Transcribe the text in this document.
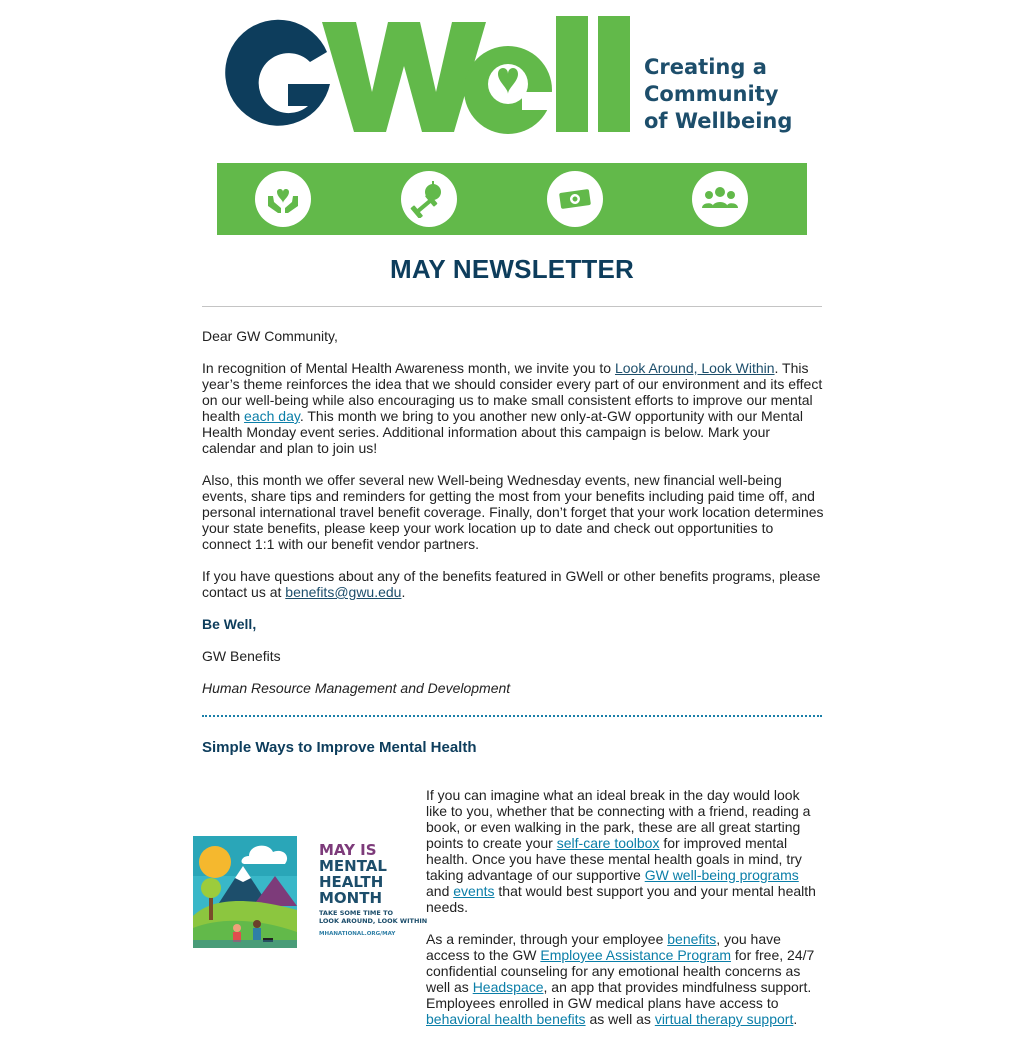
Creating a
Community
of Wellbeing
MAY NEWSLETTER

Dear GW Community,

In recognition of Mental Health Awareness month, we invite you to Look Around, Look Within. This year’s theme reinforces the idea that we should consider every part of our environment and its effect on our well-being while also encouraging us to make small consistent efforts to improve our mental health each day. This month we bring to you another new only-at-GW opportunity with our Mental Health Monday event series. Additional information about this campaign is below. Mark your calendar and plan to join us!

Also, this month we offer several new Well-being Wednesday events, new financial well-being events, share tips and reminders for getting the most from your benefits including paid time off, and personal international travel benefit coverage. Finally, don’t forget that your work location determines your state benefits, please keep your work location up to date and check out opportunities to connect 1:1 with our benefit vendor partners.

If you have questions about any of the benefits featured in GWell or other benefits programs, please contact us at benefits@gwu.edu.

Be Well,

GW Benefits

Human Resource Management and Development

Simple Ways to Improve Mental Health
MAY IS
MENTAL
HEALTH
MONTH
TAKE SOME TIME TO
LOOK AROUND, LOOK WITHIN
MHANATIONAL.ORG/MAY

If you can imagine what an ideal break in the day would look like to you, whether that be connecting with a friend, reading a book, or even walking in the park, these are all great starting points to create your self-care toolbox for improved mental health. Once you have these mental health goals in mind, try taking advantage of our supportive GW well-being programs and events that would best support you and your mental health needs.

As a reminder, through your employee benefits, you have access to the GW Employee Assistance Program for free, 24/7 confidential counseling for any emotional health concerns as well as Headspace, an app that provides mindfulness support. Employees enrolled in GW medical plans have access to behavioral health benefits as well as virtual therapy support.
